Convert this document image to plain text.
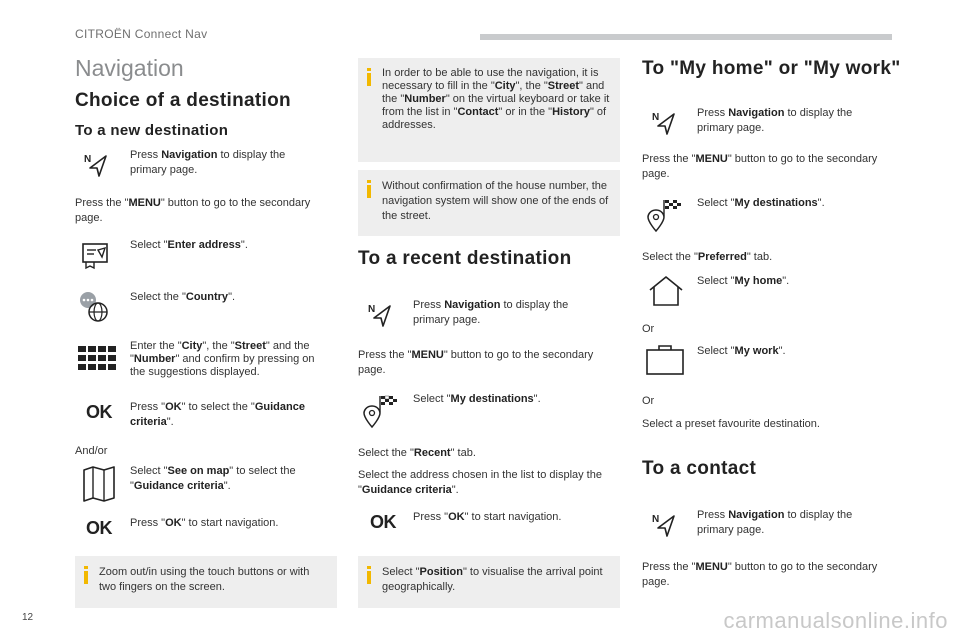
CITROËN Connect Nav
Navigation
Choice of a destination
To a new destination
N	Press Navigation to display the primary page.

Press the "MENU" button to go to the secondary page.

Select "Enter address".

Select the "Country".

Enter the "City", the "Street" and the "Number" and confirm by pressing on the suggestions displayed.

OK Press "OK" to select the "Guidance criteria".

And/or

Select "See on map" to select the "Guidance criteria".

OK Press "OK" to start navigation.

Zoom out/in using the touch buttons or with two fingers on the screen.
In order to be able to use the navigation, it is necessary to fill in the "City", the "Street" and the "Number" on the virtual keyboard or take it from the list in "Contact" or in the "History" of addresses.
Without confirmation of the house number, the navigation system will show one of the ends of the street.
To a recent destination
N	Press Navigation to display the primary page.

Press the "MENU" button to go to the secondary page.

Select "My destinations".

Select the "Recent" tab.

Select the address chosen in the list to display the "Guidance criteria".

OK Press "OK" to start navigation.

Select "Position" to visualise the arrival point geographically.
To "My home" or "My work"
N	Press Navigation to display the primary page.

Press the "MENU" button to go to the secondary page.

Select "My destinations".

Select the "Preferred" tab.

Select "My home".

Or

Select "My work".

Or

Select a preset favourite destination.

To a contact
N	Press Navigation to display the primary page.

Press the "MENU" button to go to the secondary page.

12	carmanualsonline.info
